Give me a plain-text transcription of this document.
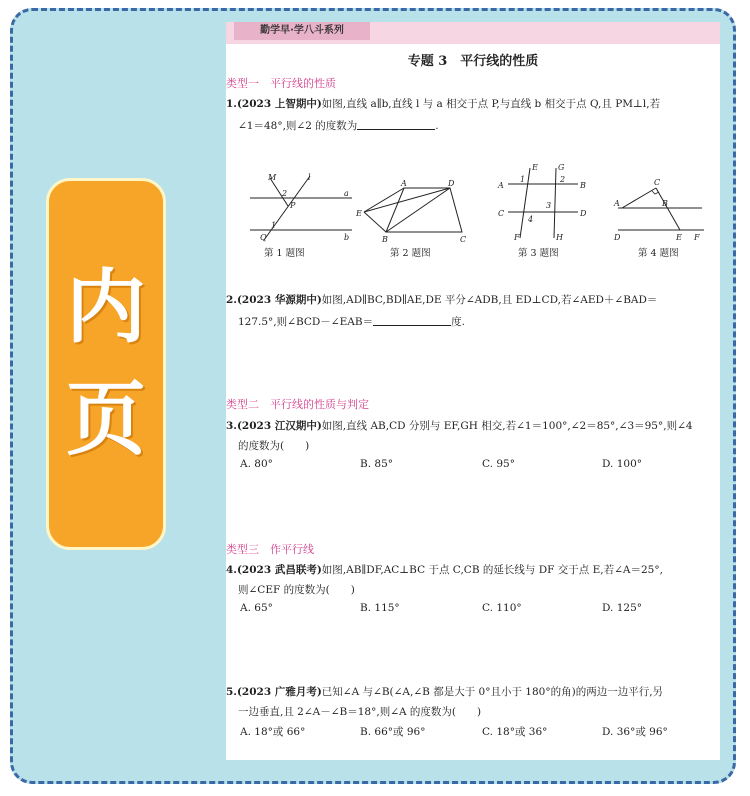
内
页
勤学早·学八斗系列
专题 3　平行线的性质
类型一　平行线的性质
1.(2023 上智期中)如图,直线 a∥b,直线 l 与 a 相交于点 P,与直线 b 相交于点 Q,且 PM⊥l,若
∠1＝48°,则∠2 的度数为	.
M	l
2
P
a
1
Q	b
第 1 题图
A	D
E
B	C
第 2 题图
E	G
1	2
A	B
C
3
D
4
F	H
第 3 题图
C
A	B
D	E F
第 4 题图
2.(2023 华源期中)如图,AD∥BC,BD∥AE,DE 平分∠ADB,且 ED⊥CD,若∠AED＋∠BAD＝
127.5°,则∠BCD－∠EAB＝	度.
类型二　平行线的性质与判定
3.(2023 江汉期中)如图,直线 AB,CD 分别与 EF,GH 相交,若∠1＝100°,∠2＝85°,∠3＝95°,则∠4
的度数为(　　)
A. 80°	B. 85°	C. 95°	D. 100°
类型三　作平行线
4.(2023 武昌联考)如图,AB∥DF,AC⊥BC 于点 C,CB 的延长线与 DF 交于点 E,若∠A＝25°,
则∠CEF 的度数为(　　)
A. 65°	B. 115°	C. 110°	D. 125°
5.(2023 广雅月考)已知∠A 与∠B(∠A,∠B 都是大于 0°且小于 180°的角)的两边一边平行,另
一边垂直,且 2∠A－∠B＝18°,则∠A 的度数为(　　)
A. 18°或 66°	B. 66°或 96°	C. 18°或 36°	D. 36°或 96°
